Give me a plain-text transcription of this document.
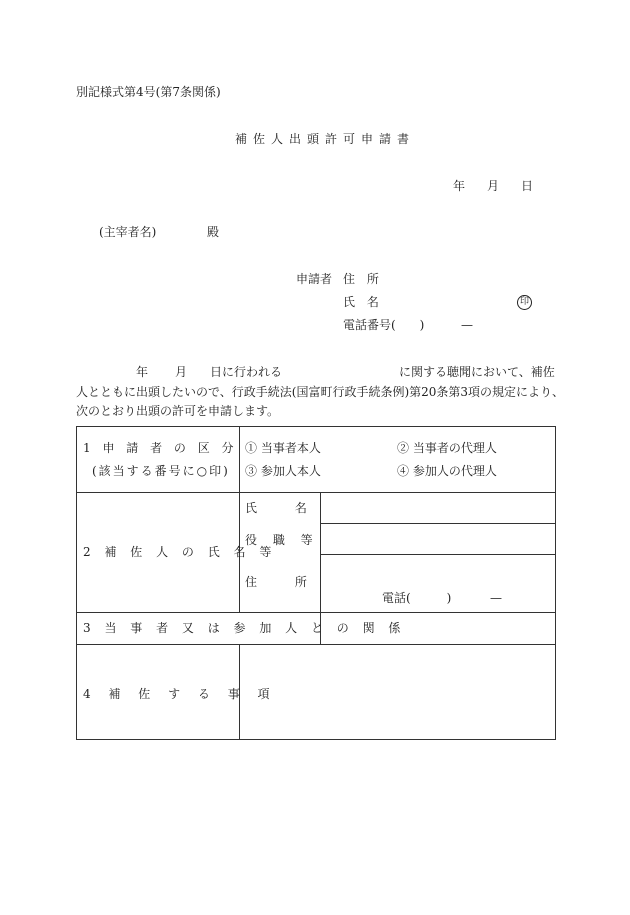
別記様式第4号(第7条関係)
補佐人出頭許可申請書
年 月 日
(主宰者名)	殿
申請者 住 所
氏 名	印
電話番号(　　)	—
年 月 日に行われる	に関する聴聞において、補佐
人とともに出頭したいので、行政手続法(国富町行政手続条例)第20条第3項の規定により、
次のとおり出頭の許可を申請します。
1 申 請 者 の 区 分
(該当する番号に○印)
① 当事者本人	② 当事者の代理人
③ 参加人本人	④ 参加人の代理人
2 補 佐 人 の 氏 名 等
氏 名
役 職 等
住 所
電話(　　　)	—
3 当 事 者 又 は 参 加 人 と の 関 係
4 補 佐 す る 事 項
